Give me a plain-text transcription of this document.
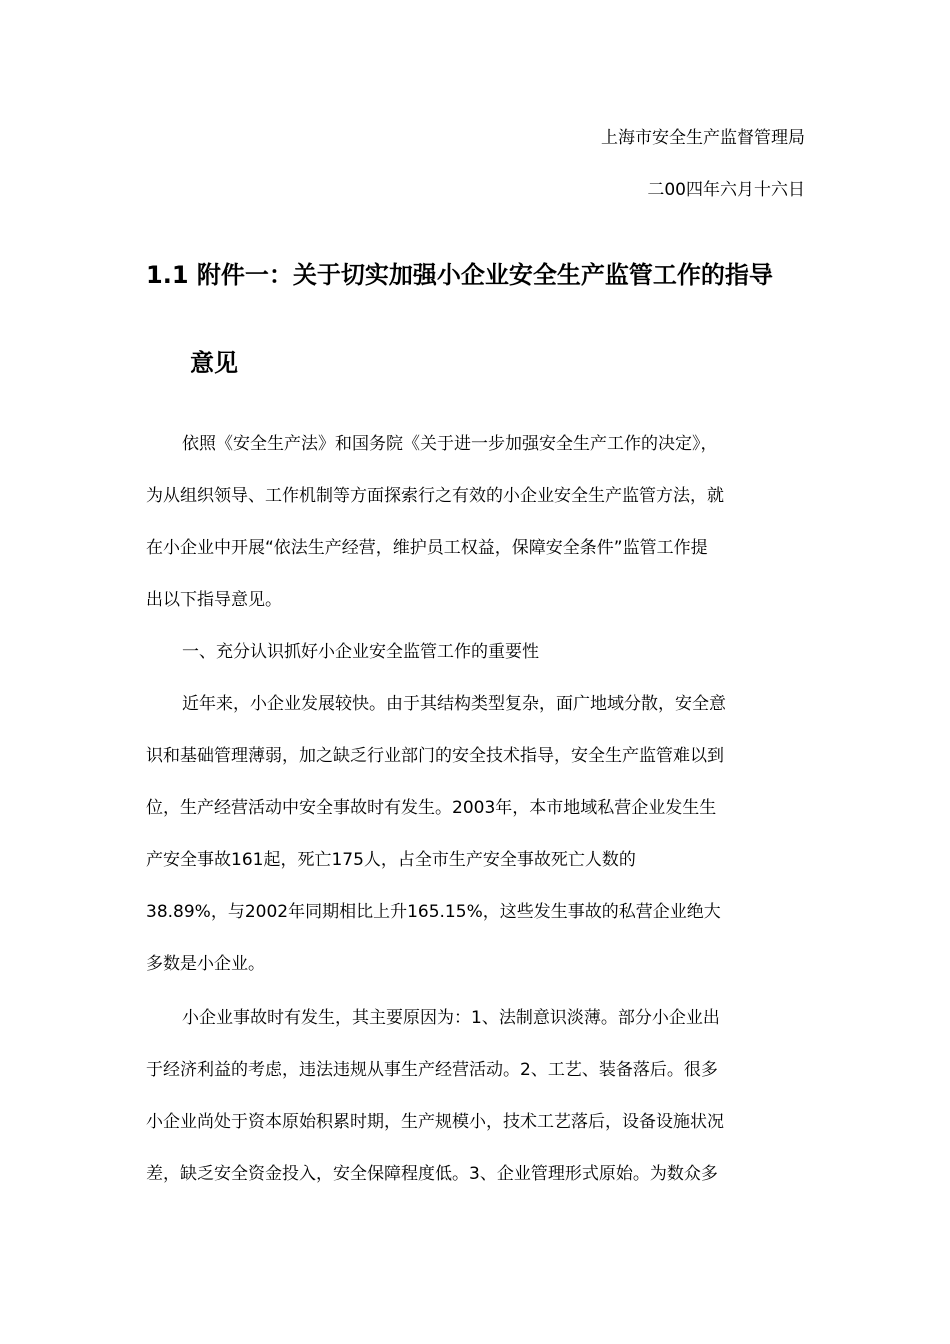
上海市安全生产监督管理局
二00四年六月十六日
1.1 附件一：关于切实加强小企业安全生产监管工作的指导
意见
依照《安全生产法》和国务院《关于进一步加强安全生产工作的决定》，
为从组织领导、工作机制等方面探索行之有效的小企业安全生产监管方法，就
在小企业中开展“依法生产经营，维护员工权益，保障安全条件”监管工作提
出以下指导意见。
一、充分认识抓好小企业安全监管工作的重要性
近年来，小企业发展较快。由于其结构类型复杂，面广地域分散，安全意
识和基础管理薄弱，加之缺乏行业部门的安全技术指导，安全生产监管难以到
位，生产经营活动中安全事故时有发生。2003年，本市地域私营企业发生生
产安全事故161起，死亡175人，占全市生产安全事故死亡人数的
38.89%，与2002年同期相比上升165.15%，这些发生事故的私营企业绝大
多数是小企业。
小企业事故时有发生，其主要原因为：1、法制意识淡薄。部分小企业出
于经济利益的考虑，违法违规从事生产经营活动。2、工艺、装备落后。很多
小企业尚处于资本原始积累时期，生产规模小，技术工艺落后，设备设施状况
差，缺乏安全资金投入，安全保障程度低。3、企业管理形式原始。为数众多
